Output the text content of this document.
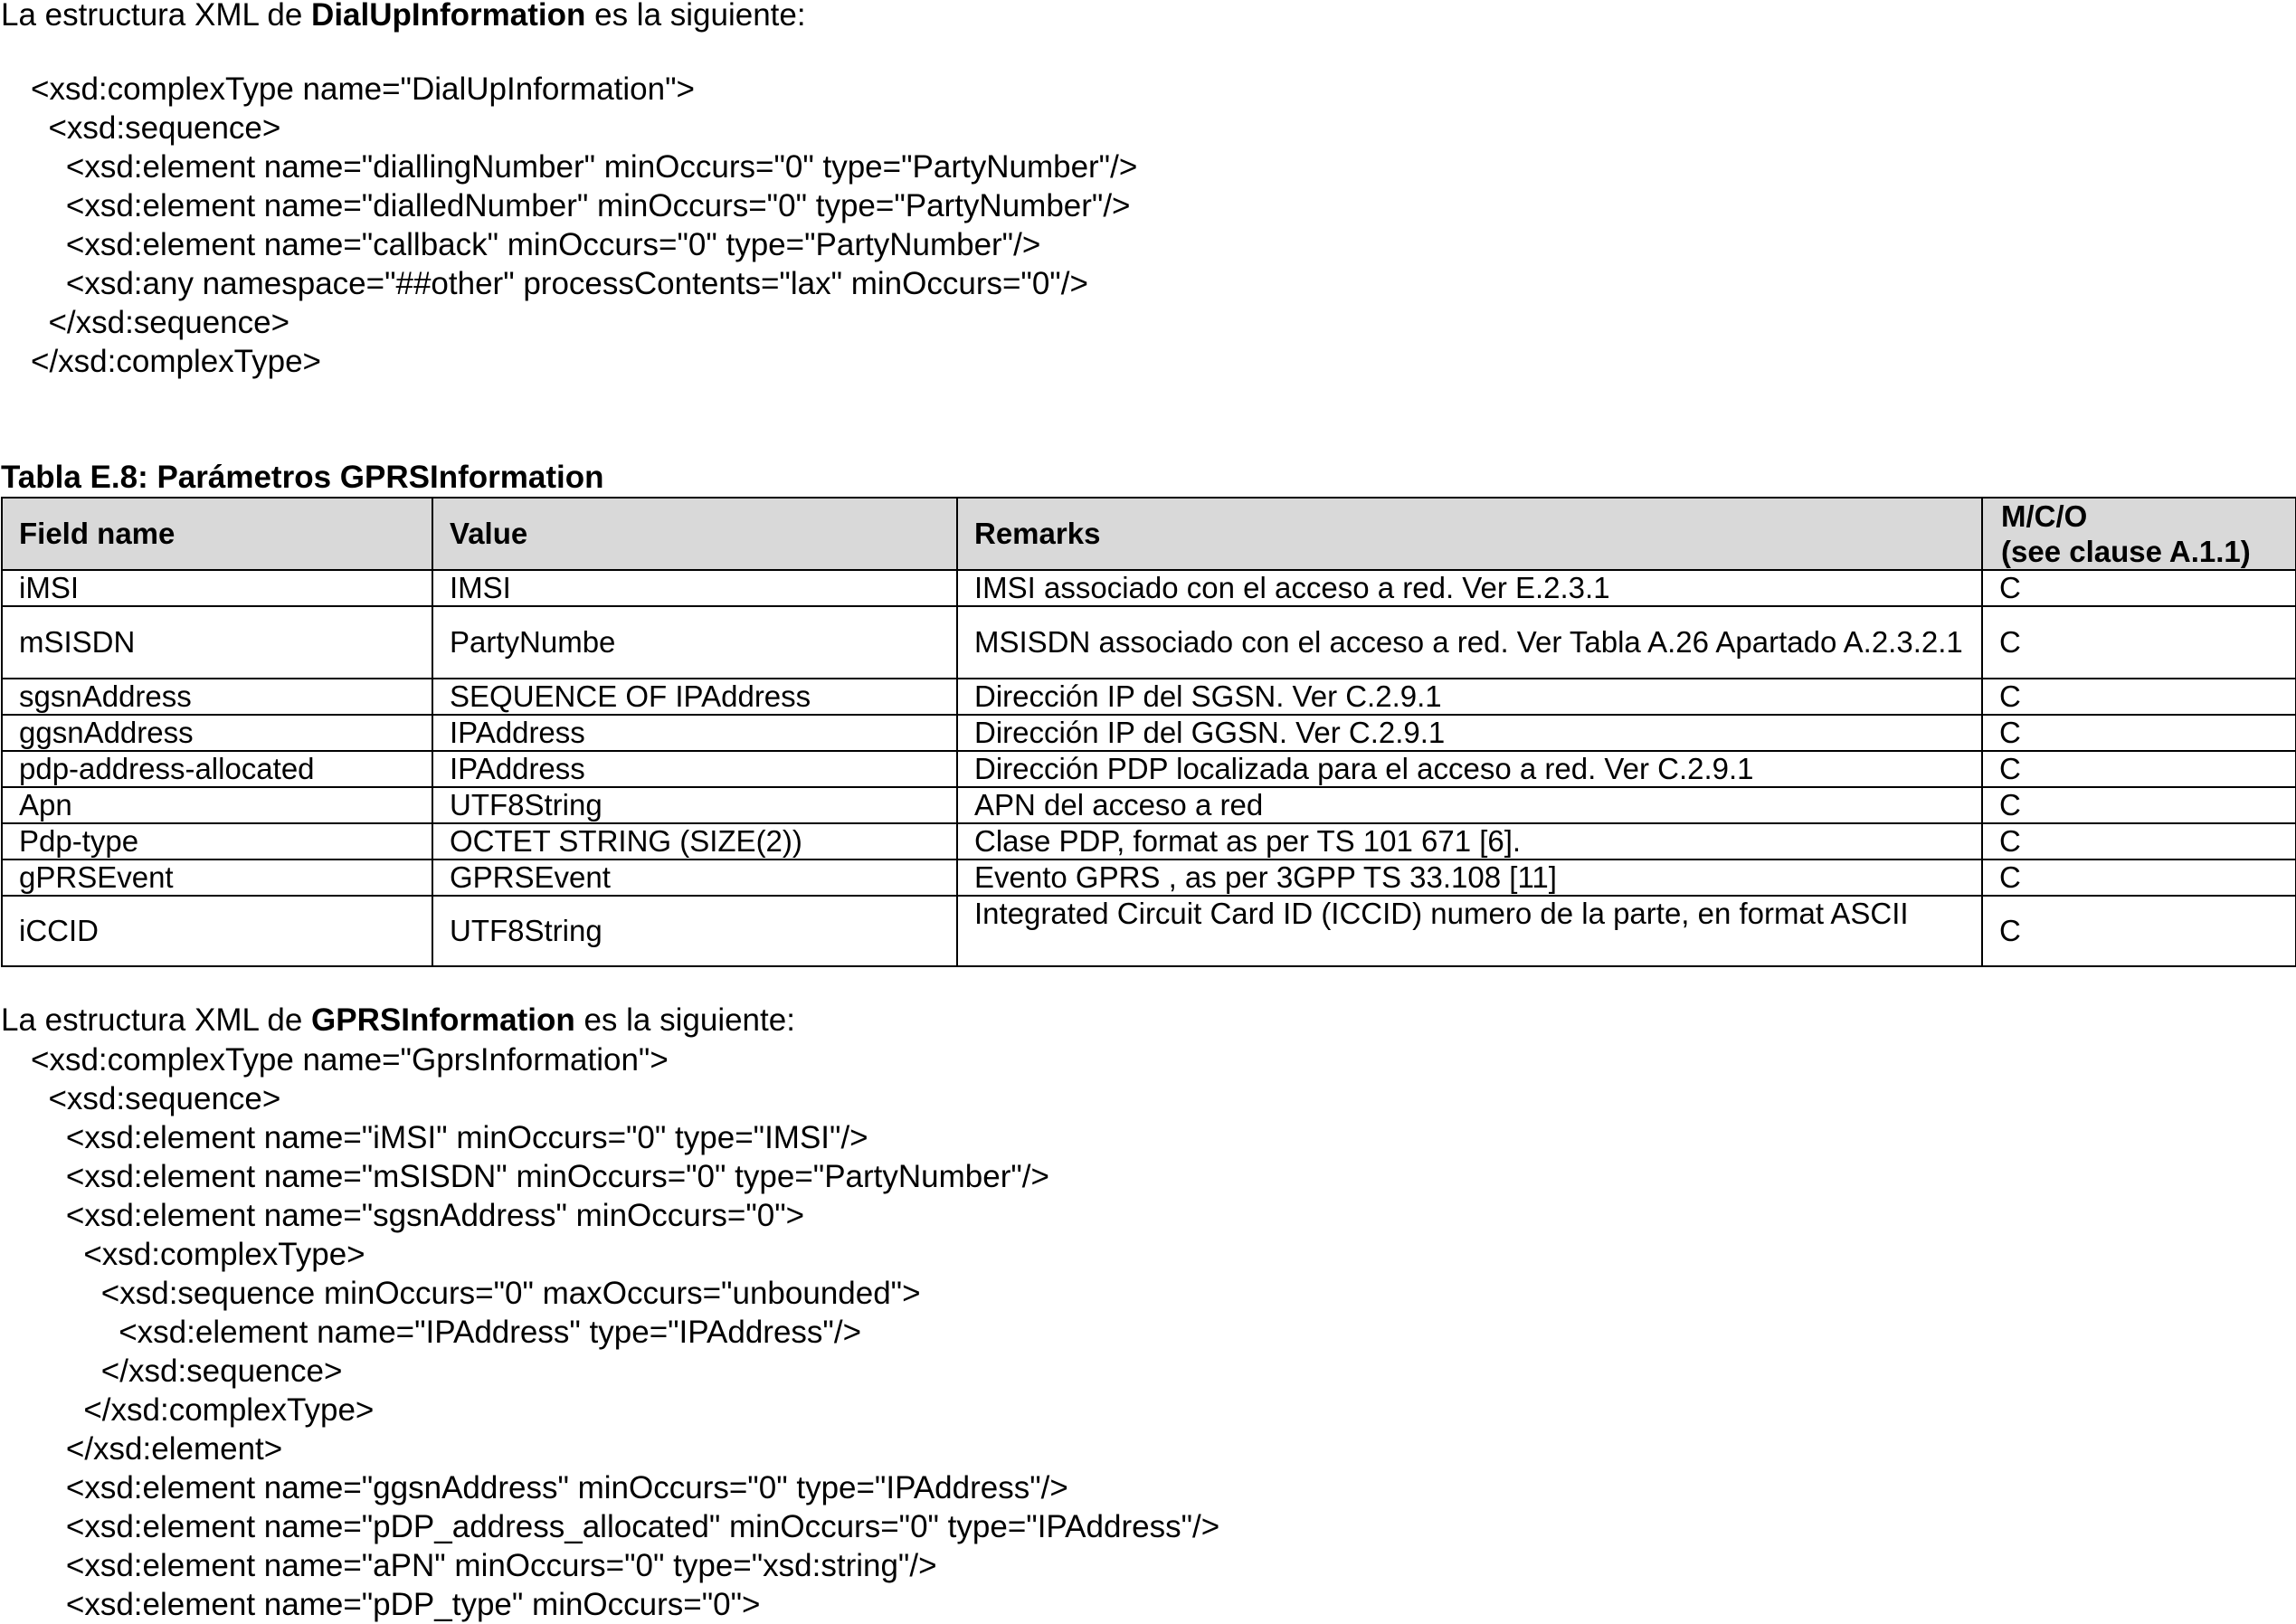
La estructura XML de DialUpInformation es la siguiente:
<xsd:complexType name="DialUpInformation">
<xsd:sequence>
<xsd:element name="diallingNumber" minOccurs="0" type="PartyNumber"/>
<xsd:element name="dialledNumber" minOccurs="0" type="PartyNumber"/>
<xsd:element name="callback" minOccurs="0" type="PartyNumber"/>
<xsd:any namespace="##other" processContents="lax" minOccurs="0"/>
</xsd:sequence>
</xsd:complexType>
Tabla E.8: Parámetros GPRSInformation
Field name	Value	Remarks	M/C/O
(see clause A.1.1)

iMSI	IMSI	IMSI associado con el acceso a red. Ver E.2.3.1	C
mSISDN	PartyNumbe	MSISDN associado con el acceso a red. Ver Tabla A.26 Apartado A.2.3.2.1	C
sgsnAddress	SEQUENCE OF IPAddress	Dirección IP del SGSN. Ver C.2.9.1	C
ggsnAddress	IPAddress	Dirección IP del GGSN. Ver C.2.9.1	C
pdp-address-allocated	IPAddress	Dirección PDP localizada para el acceso a red. Ver C.2.9.1	C
Apn	UTF8String	APN del acceso a red	C
Pdp-type	OCTET STRING (SIZE(2))	Clase PDP, format as per TS 101 671 [6].	C
gPRSEvent	GPRSEvent	Evento GPRS , as per 3GPP TS 33.108 [11]	C
iCCID	UTF8String	Integrated Circuit Card ID (ICCID) numero de la parte, en format ASCII	C
La estructura XML de GPRSInformation es la siguiente:
<xsd:complexType name="GprsInformation">
<xsd:sequence>
<xsd:element name="iMSI" minOccurs="0" type="IMSI"/>
<xsd:element name="mSISDN" minOccurs="0" type="PartyNumber"/>
<xsd:element name="sgsnAddress" minOccurs="0">
<xsd:complexType>
<xsd:sequence minOccurs="0" maxOccurs="unbounded">
<xsd:element name="IPAddress" type="IPAddress"/>
</xsd:sequence>
</xsd:complexType>
</xsd:element>
<xsd:element name="ggsnAddress" minOccurs="0" type="IPAddress"/>
<xsd:element name="pDP_address_allocated" minOccurs="0" type="IPAddress"/>
<xsd:element name="aPN" minOccurs="0" type="xsd:string"/>
<xsd:element name="pDP_type" minOccurs="0">
